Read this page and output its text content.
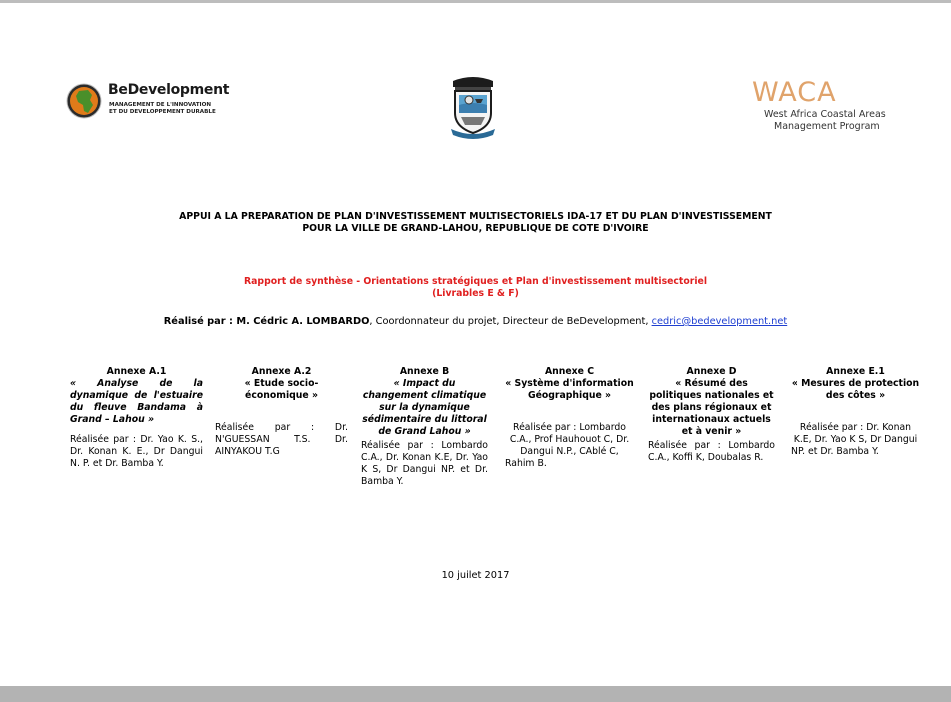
BeDevelopment
MANAGEMENT DE L'INNOVATION
ET DU DEVELOPPEMENT DURABLE
WACA
West Africa Coastal Areas
Management Program
APPUI A LA PREPARATION DE PLAN D'INVESTISSEMENT MULTISECTORIELS IDA-17 ET DU PLAN D'INVESTISSEMENT
POUR LA VILLE DE GRAND-LAHOU, REPUBLIQUE DE COTE D'IVOIRE
Rapport de synthèse - Orientations stratégiques et Plan d'investissement multisectoriel
(Livrables E & F)
Réalisé par : M. Cédric A. LOMBARDO, Coordonnateur du projet, Directeur de BeDevelopment, cedric@bedevelopment.net
Annexe A.1
« Analyse de la dynamique de l'estuaire du fleuve Bandama à Grand – Lahou »
Réalisée par : Dr. Yao K. S., Dr. Konan K. E., Dr Dangui N. P. et Dr. Bamba Y.
Annexe A.2
« Etude socio-économique »
Réalisée par : Dr. N'GUESSAN T.S. Dr. AINYAKOU T.G
Annexe B
« Impact du changement climatique sur la dynamique sédimentaire du littoral de Grand Lahou »
Réalisée par : Lombardo C.A., Dr. Konan K.E, Dr. Yao K S, Dr Dangui NP. et Dr. Bamba Y.
Annexe C
« Système d'information Géographique »
Réalisée par : Lombardo C.A., Prof Hauhouot C, Dr. Dangui N.P., CAblé C, Rahim B.
Annexe D
« Résumé des politiques nationales et des plans régionaux et internationaux actuels et à venir »
Réalisée par : Lombardo C.A., Koffi K, Doubalas R.
Annexe E.1
« Mesures de protection des côtes »
Réalisée par : Dr. Konan K.E, Dr. Yao K S, Dr Dangui NP. et Dr. Bamba Y.
10 juilet 2017
